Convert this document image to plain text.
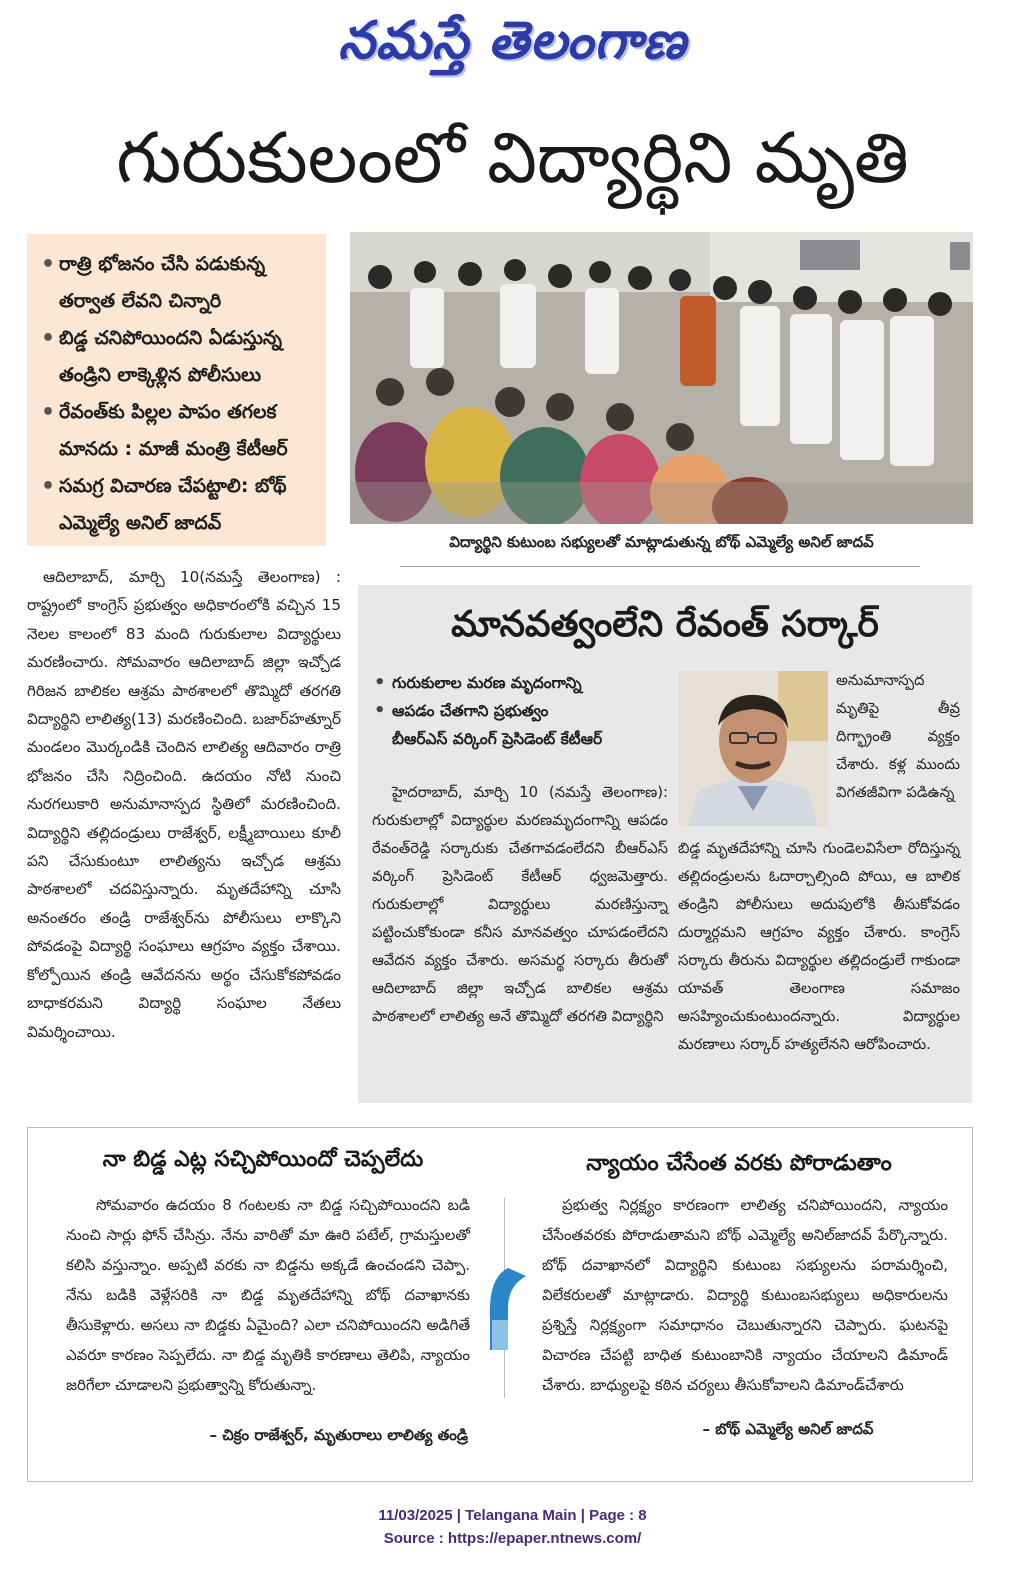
నమస్తే తెలంగాణ
గురుకులంలో విద్యార్థిని మృతి
• రాత్రి భోజనం చేసి పడుకున్న తర్వాత లేవని చిన్నారి
• బిడ్డ చనిపోయిందని ఏడుస్తున్న తండ్రిని లాక్కెళ్లిన పోలీసులు
• రేవంత్‌కు పిల్లల పాపం తగలక మానదు : మాజీ మంత్రి కేటీఆర్
• సమగ్ర విచారణ చేపట్టాలి: బోథ్ ఎమ్మెల్యే అనిల్ జాదవ్
విద్యార్థిని కుటుంబ సభ్యులతో మాట్లాడుతున్న బోథ్ ఎమ్మెల్యే అనిల్ జాదవ్

ఆదిలాబాద్, మార్చి 10(నమస్తే తెలంగాణ) : రాష్ట్రంలో కాంగ్రెస్ ప్రభుత్వం అధికారంలోకి వచ్చిన 15 నెలల కాలంలో 83 మంది గురుకులాల విద్యార్థులు మరణించారు. సోమవారం ఆదిలాబాద్ జిల్లా ఇచ్చోడ గిరిజన బాలికల ఆశ్రమ పాఠశాలలో తొమ్మిదో తరగతి విద్యార్థిని లాలిత్య(13) మరణించింది. బజార్‌హత్నూర్ మండలం మొర్కండికి చెందిన లాలిత్య ఆదివారం రాత్రి భోజనం చేసి నిద్రించింది. ఉదయం నోటి నుంచి నురగలుకారి అనుమానాస్పద స్థితిలో మరణించింది. విద్యార్థిని తల్లిదండ్రులు రాజేశ్వర్, లక్ష్మీబాయిలు కూలీ పని చేసుకుంటూ లాలిత్యను ఇచ్చోడ ఆశ్రమ పాఠశాలలో చదవిస్తున్నారు. మృతదేహాన్ని చూసి అనంతరం తండ్రి రాజేశ్వర్‌ను పోలీసులు లాక్కొని పోవడంపై విద్యార్థి సంఘాలు ఆగ్రహం వ్యక్తం చేశాయి. కోల్పోయిన తండ్రి ఆవేదనను అర్థం చేసుకోకపోవడం బాధాకరమని విద్యార్థి సంఘాల నేతలు విమర్శించాయి.

మానవత్వంలేని రేవంత్ సర్కార్
• గురుకులాల మరణ మృదంగాన్ని
• ఆపడం చేతగాని ప్రభుత్వం
బీఆర్‌ఎస్ వర్కింగ్ ప్రెసిడెంట్ కేటీఆర్
అనుమానాస్పద మృతిపై తీవ్ర దిగ్భ్రాంతి వ్యక్తం చేశారు. కళ్ల ముందు విగతజీవిగా పడిఉన్న

హైదరాబాద్, మార్చి 10 (నమస్తే తెలంగాణ): గురుకులాల్లో విద్యార్థుల మరణమృదంగాన్ని ఆపడం రేవంత్‌రెడ్డి సర్కారుకు చేతగావడంలేదని బీఆర్‌ఎస్ వర్కింగ్ ప్రెసిడెంట్ కేటీఆర్ ధ్వజమెత్తారు. గురుకులాల్లో విద్యార్థులు మరణిస్తున్నా పట్టించుకోకుండా కనీస మానవత్వం చూపడంలేదని ఆవేదన వ్యక్తం చేశారు. అసమర్థ సర్కారు తీరుతో ఆదిలాబాద్ జిల్లా ఇచ్చోడ బాలికల ఆశ్రమ పాఠశాలలో లాలిత్య అనే తొమ్మిదో తరగతి విద్యార్థిని

బిడ్డ మృతదేహాన్ని చూసి గుండెలవిసేలా రోదిస్తున్న తల్లిదండ్రులను ఓదార్చాల్సింది పోయి, ఆ బాలిక తండ్రిని పోలీసులు అదుపులోకి తీసుకోవడం దుర్మార్గమని ఆగ్రహం వ్యక్తం చేశారు. కాంగ్రెస్ సర్కారు తీరును విద్యార్థుల తల్లిదండ్రులే గాకుండా యావత్ తెలంగాణ సమాజం అసహ్యించుకుంటుందన్నారు. విద్యార్థుల మరణాలు సర్కార్ హత్యలేనని ఆరోపించారు.
నా బిడ్డ ఎట్ల సచ్చిపోయిందో చెప్పలేదు	న్యాయం చేసేంత వరకు పోరాడుతాం

సోమవారం ఉదయం 8 గంటలకు నా బిడ్డ సచ్చిపోయిందని బడి నుంచి సార్లు ఫోన్ చేసిన్రు. నేను వారితో మా ఊరి పటేల్, గ్రామస్తులతో కలిసి వస్తున్నాం. అప్పటి వరకు నా బిడ్డను అక్కడే ఉంచండని చెప్పా. నేను బడికి వెళ్లేసరికి నా బిడ్డ మృతదేహాన్ని బోథ్ దవాఖానకు తీసుకెళ్లారు. అసలు నా బిడ్డకు ఏమైంది? ఎలా చనిపోయిందని అడిగితే ఎవరూ కారణం సెప్పలేదు. నా బిడ్డ మృతికి కారణాలు తెలిపి, న్యాయం జరిగేలా చూడాలని ప్రభుత్వాన్ని కోరుతున్నా.

ప్రభుత్వ నిర్లక్ష్యం కారణంగా లాలిత్య చనిపోయిందని, న్యాయం చేసేంతవరకు పోరాడుతామని బోథ్ ఎమ్మెల్యే అనిల్‌జాదవ్ పేర్కొన్నారు. బోథ్ దవాఖానలో విద్యార్థిని కుటుంబ సభ్యులను పరామర్శించి, విలేకరులతో మాట్లాడారు. విద్యార్థి కుటుంబసభ్యులు అధికారులను ప్రశ్నిస్తే నిర్లక్ష్యంగా సమాధానం చెబుతున్నారని చెప్పారు. ఘటనపై విచారణ చేపట్టి బాధిత కుటుంబానికి న్యాయం చేయాలని డిమాండ్ చేశారు. బాధ్యులపై కఠిన చర్యలు తీసుకోవాలని డిమాండ్‌చేశారు

– చిక్రం రాజేశ్వర్, మృతురాలు లాలిత్య తండ్రి	– బోథ్ ఎమ్మెల్యే అనిల్ జాదవ్
11/03/2025 | Telangana Main | Page : 8
Source : https://epaper.ntnews.com/
